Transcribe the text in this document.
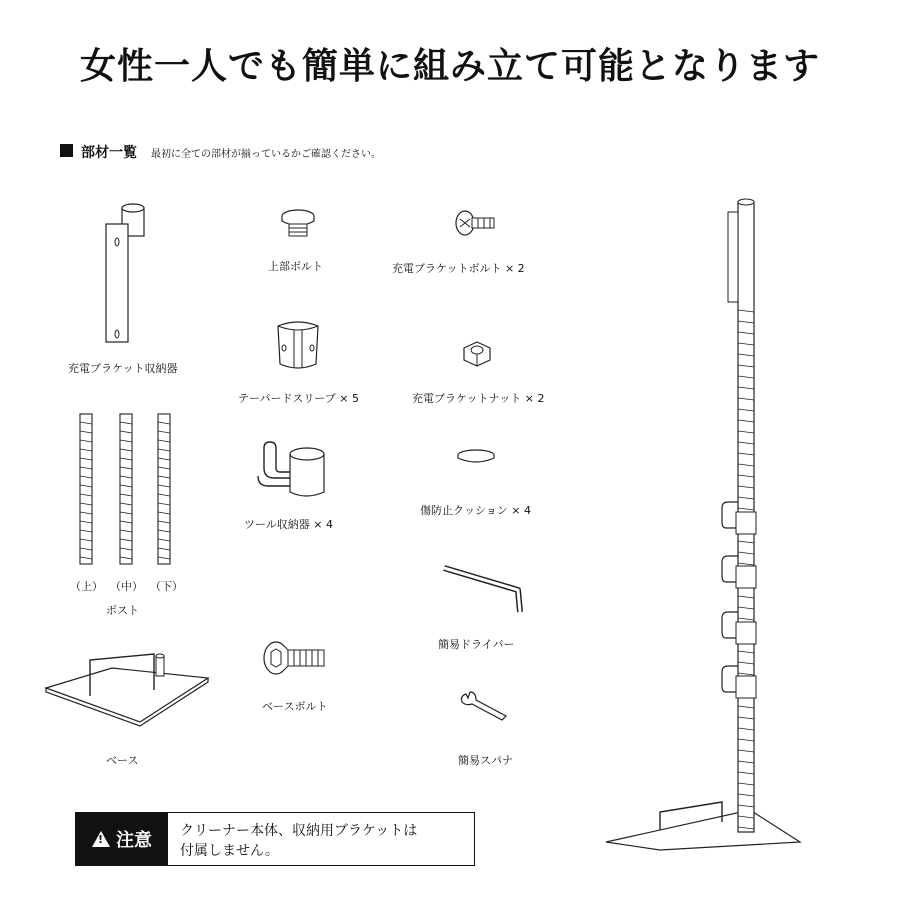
女性一人でも簡単に組み立て可能となります
部材一覧 最初に全ての部材が揃っているかご確認ください。
充電ブラケット収納器
上部ボルト	充電ブラケットボルト × 2
テーパードスリーブ × 5	充電ブラケットナット × 2
ツール収納器 × 4
傷防止クッション × 4
（上） （中） （下）
ポスト
簡易ドライバー
ベースボルト
ベース	簡易スパナ
! 注意 クリーナー本体、収納用ブラケットは
付属しません。
